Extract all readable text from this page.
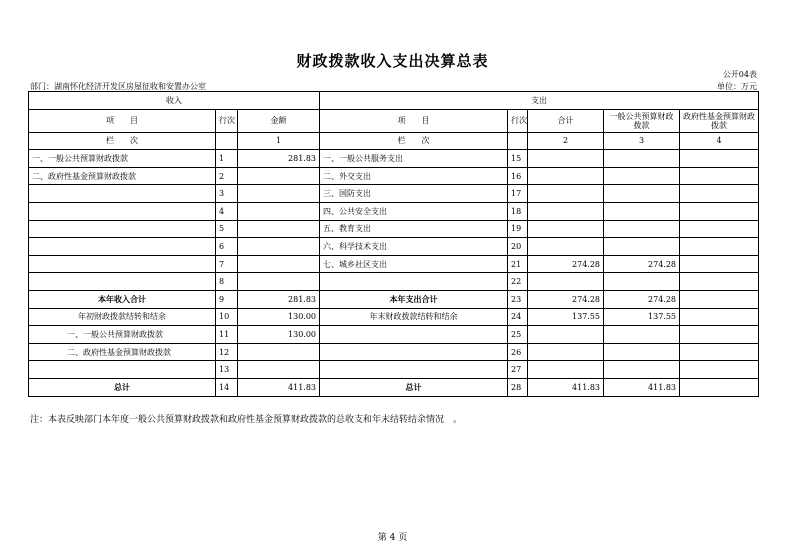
财政拨款收入支出决算总表
公开04表
部门：湖南怀化经济开发区房屋征收和安置办公室	单位：万元
收入			支出				
项　　目	行次	金额	项　　目	行次	合计	一般公共预算财政拨款	政府性基金预算财政拨款
栏　　次		1	栏　　次		2	3	4
一、一般公共预算财政拨款	1	281.83	一、一般公共服务支出	15			
二、政府性基金预算财政拨款	2		二、外交支出	16			
	3		三、国防支出	17			
	4		四、公共安全支出	18			
	5		五、教育支出	19			
	6		六、科学技术支出	20			
	7		七、城乡社区支出	21	274.28	274.28	
	8			22			
本年收入合计	9	281.83	本年支出合计	23	274.28	274.28	
年初财政拨款结转和结余	10	130.00	年末财政拨款结转和结余	24	137.55	137.55	
一、一般公共预算财政拨款	11	130.00		25			
二、政府性基金预算财政拨款	12			26			
	13			27			
总计	14	411.83	总计	28	411.83	411.83	
注：本表反映部门本年度一般公共预算财政拨款和政府性基金预算财政拨款的总收支和年末结转结余情况　。
第 4 页
